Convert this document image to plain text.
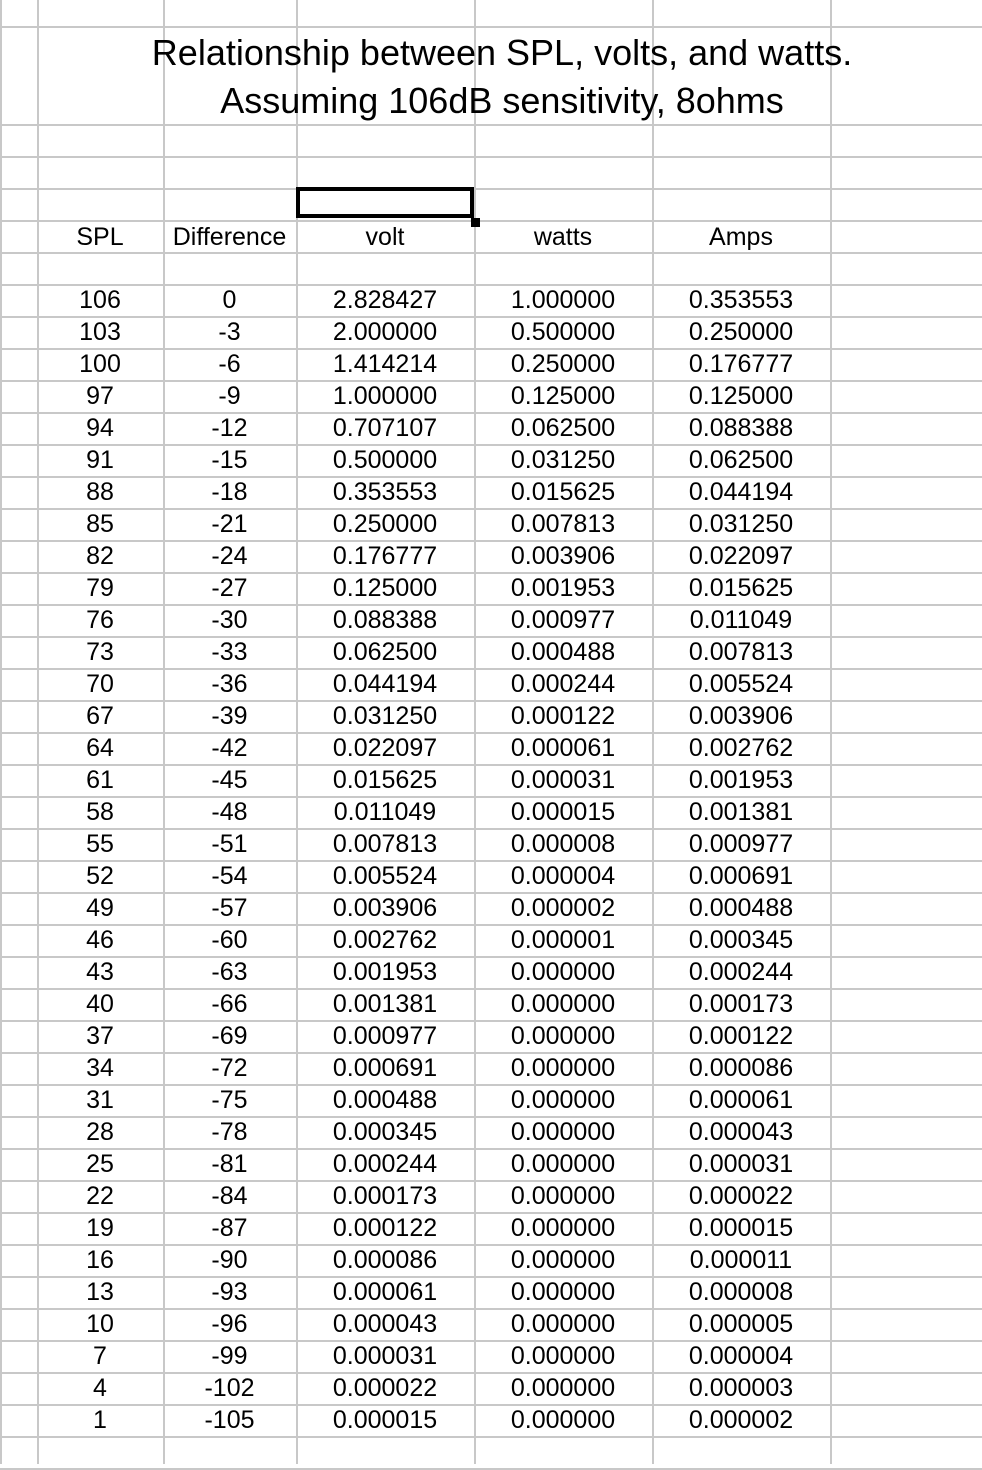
Relationship between SPL, volts, and watts.
Assuming 106dB sensitivity, 8ohms
SPL	Difference	volt	watts	Amps
106	0	2.828427	1.000000	0.353553
103	-3	2.000000	0.500000	0.250000
100	-6	1.414214	0.250000	0.176777
97	-9	1.000000	0.125000	0.125000
94	-12	0.707107	0.062500	0.088388
91	-15	0.500000	0.031250	0.062500
88	-18	0.353553	0.015625	0.044194
85	-21	0.250000	0.007813	0.031250
82	-24	0.176777	0.003906	0.022097
79	-27	0.125000	0.001953	0.015625
76	-30	0.088388	0.000977	0.011049
73	-33	0.062500	0.000488	0.007813
70	-36	0.044194	0.000244	0.005524
67	-39	0.031250	0.000122	0.003906
64	-42	0.022097	0.000061	0.002762
61	-45	0.015625	0.000031	0.001953
58	-48	0.011049	0.000015	0.001381
55	-51	0.007813	0.000008	0.000977
52	-54	0.005524	0.000004	0.000691
49	-57	0.003906	0.000002	0.000488
46	-60	0.002762	0.000001	0.000345
43	-63	0.001953	0.000000	0.000244
40	-66	0.001381	0.000000	0.000173
37	-69	0.000977	0.000000	0.000122
34	-72	0.000691	0.000000	0.000086
31	-75	0.000488	0.000000	0.000061
28	-78	0.000345	0.000000	0.000043
25	-81	0.000244	0.000000	0.000031
22	-84	0.000173	0.000000	0.000022
19	-87	0.000122	0.000000	0.000015
16	-90	0.000086	0.000000	0.000011
13	-93	0.000061	0.000000	0.000008
10	-96	0.000043	0.000000	0.000005
7	-99	0.000031	0.000000	0.000004
4	-102	0.000022	0.000000	0.000003
1	-105	0.000015	0.000000	0.000002
